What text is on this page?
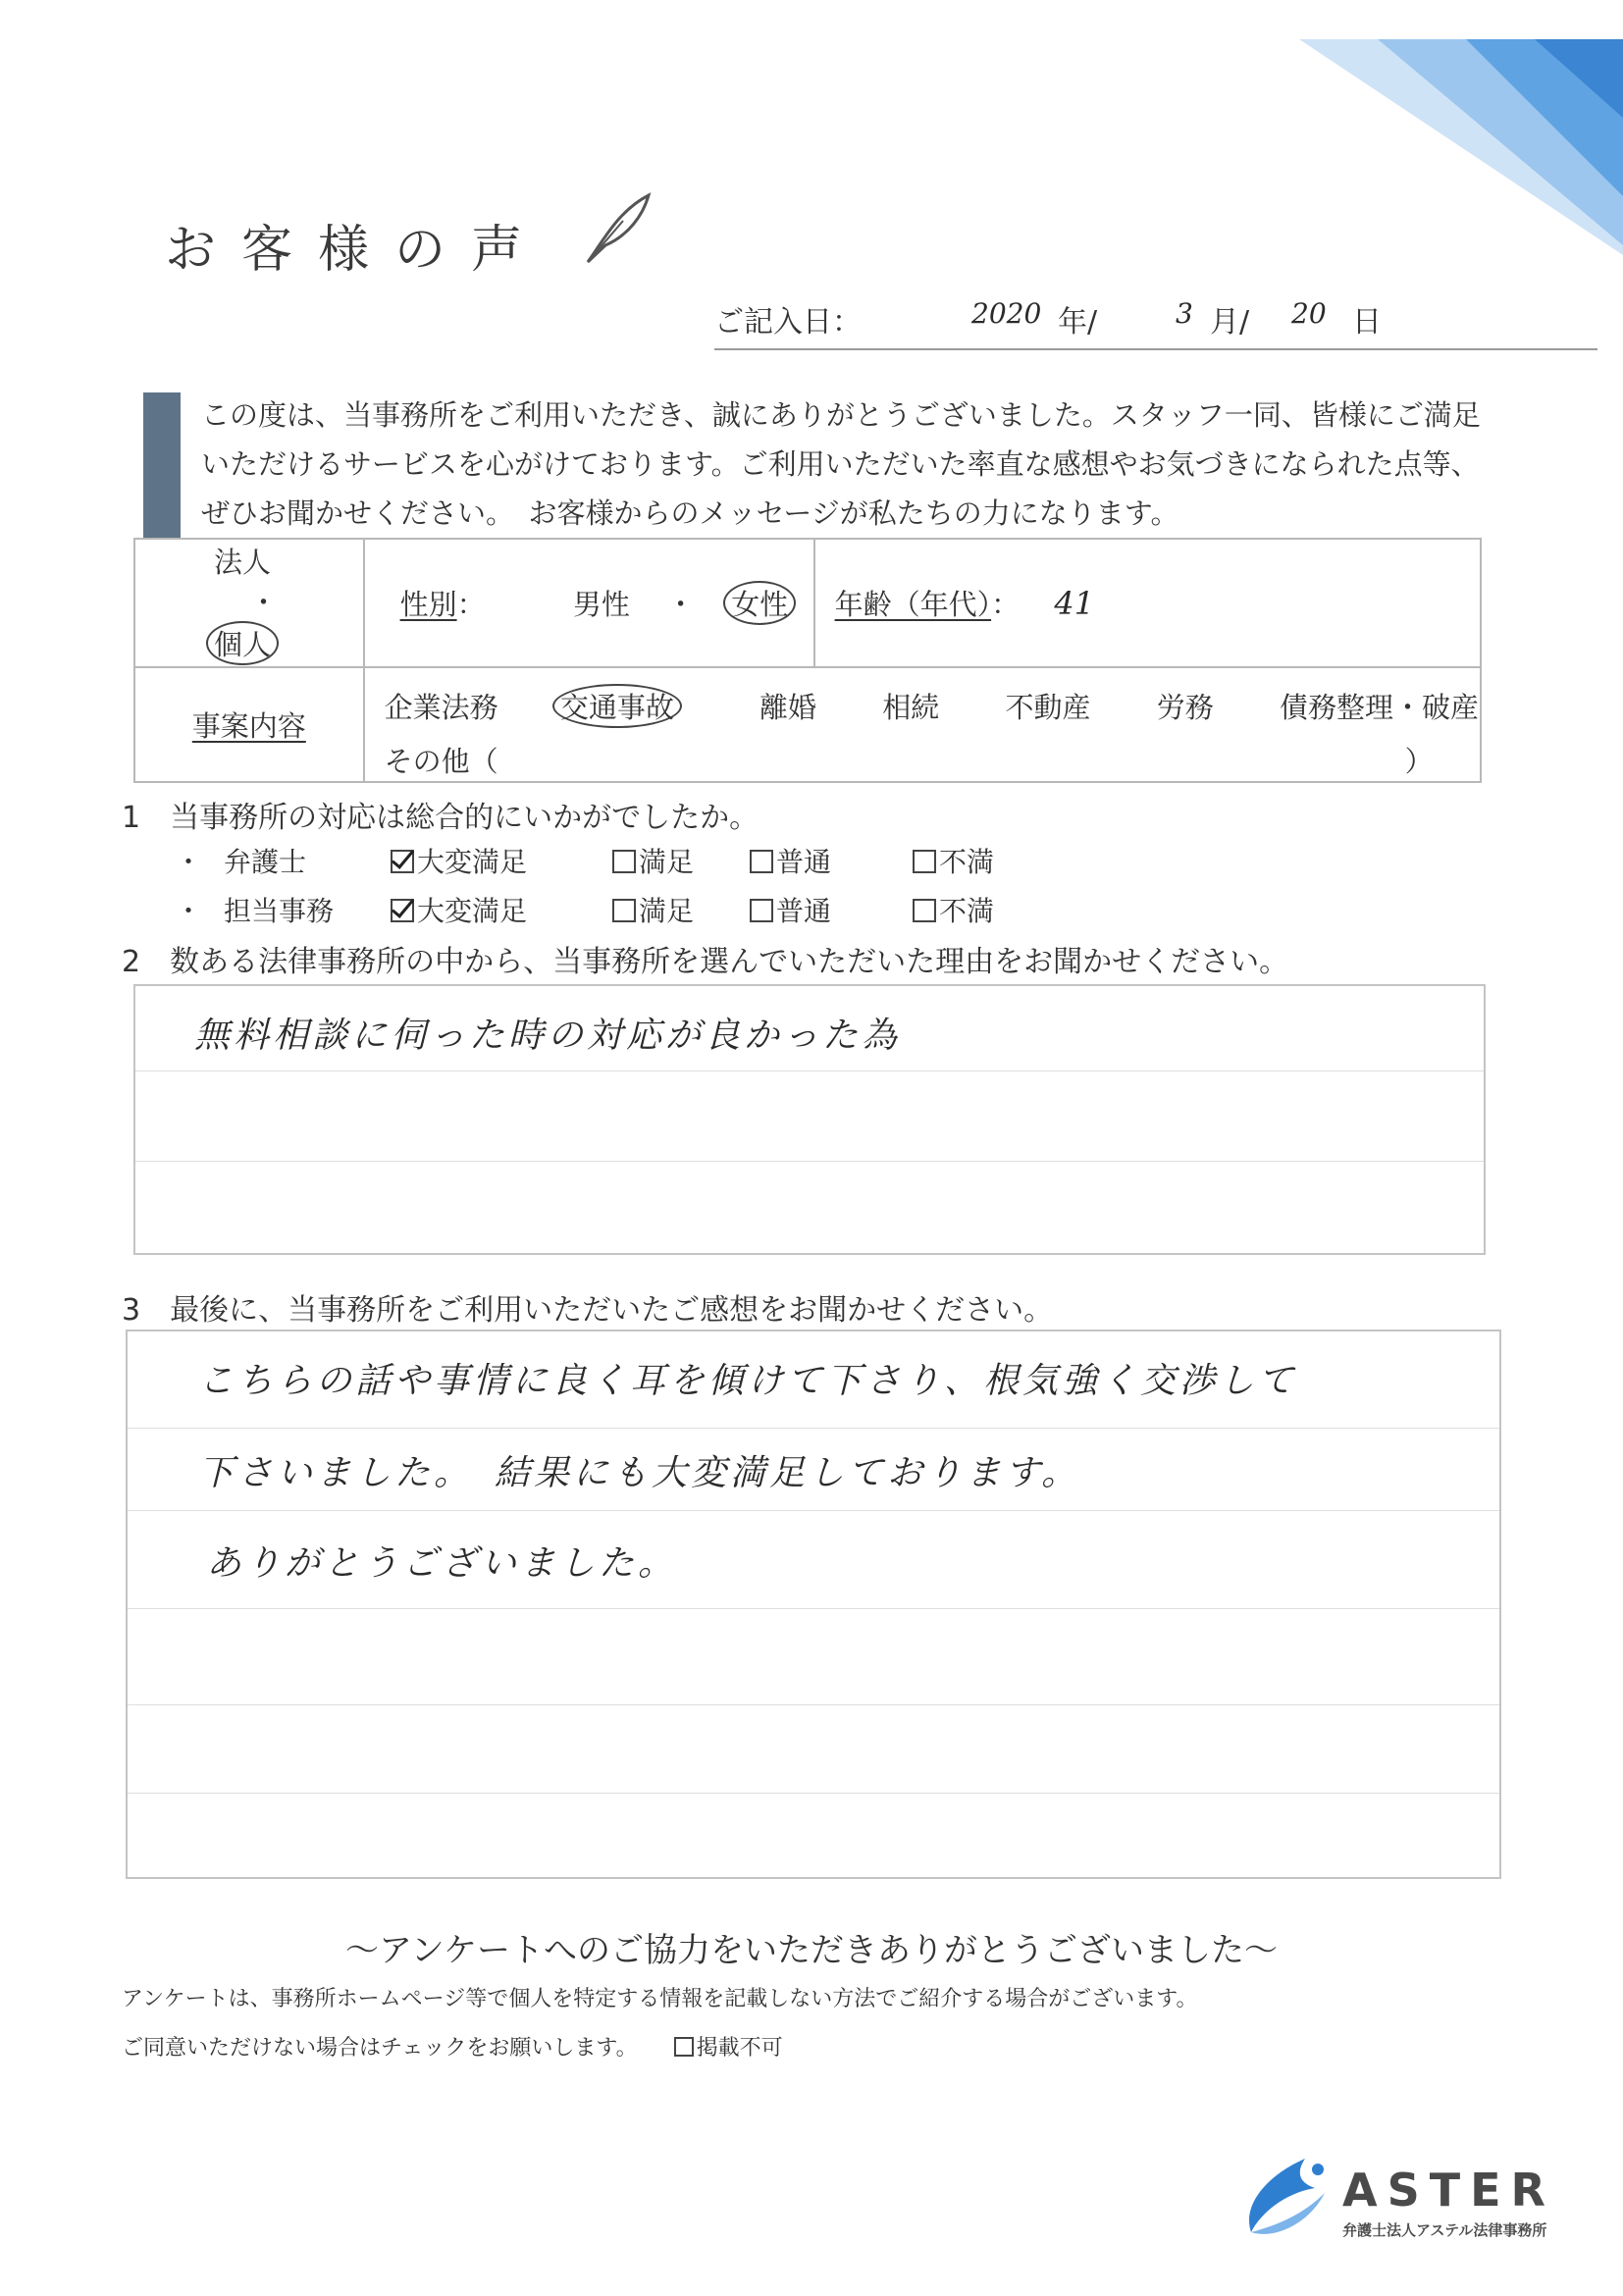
お客様の声
ご記入日：	2020 年/	3 月/ 20 日

この度は、当事務所をご利用いただき、誠にありがとうございました。スタッフ一同、皆様にご満足

いただけるサービスを心がけております。ご利用いただいた率直な感想やお気づきになられた点等、

ぜひお聞かせください。　お客様からのメッセージが私たちの力になります。

法人 ・ 個人	性別： 男性 ・ 女性	年齢（年代）： 41
事案内容	企業法務 交通事故 離婚 相続 不動産 労務 債務整理・破産
その他（ ）	
1　当事務所の対応は総合的にいかがでしたか。
・ 弁護士	大変満足	満足	普通	不満
・ 担当事務	大変満足	満足	普通	不満
2　数ある法律事務所の中から、当事務所を選んでいただいた理由をお聞かせください。
無料相談に伺った時の対応が良かった為
3　最後に、当事務所をご利用いただいたご感想をお聞かせください。
こちらの話や事情に良く耳を傾けて下さり、根気強く交渉して
下さいました。　結果にも大変満足しております。
ありがとうございました。
～アンケートへのご協力をいただきありがとうございました～
アンケートは、事務所ホームページ等で個人を特定する情報を記載しない方法でご紹介する場合がございます。
ご同意いただけない場合はチェックをお願いします。	掲載不可
ASTER
弁護士法人アステル法律事務所
